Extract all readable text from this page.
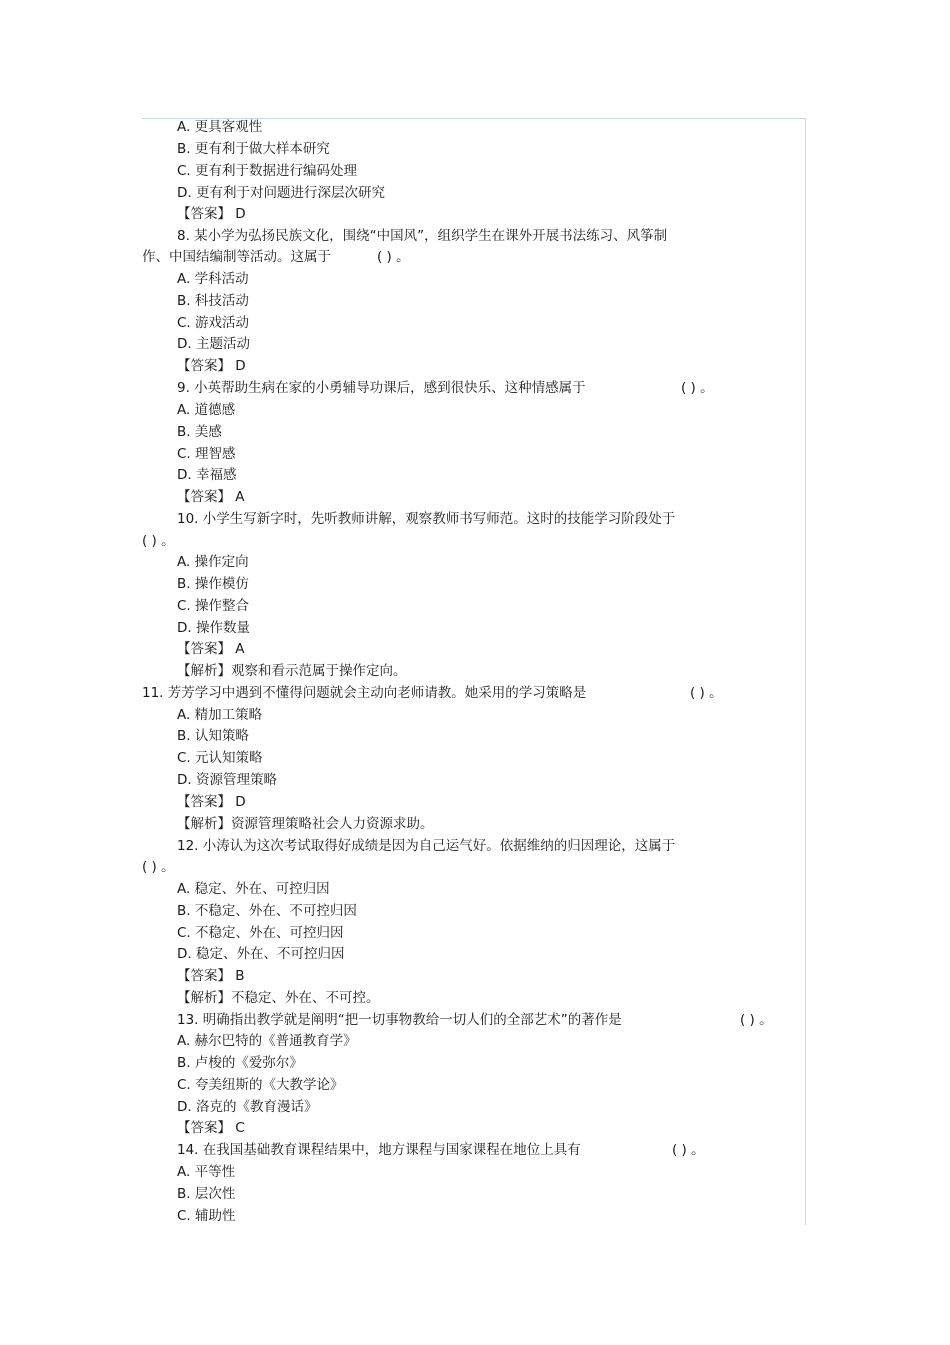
A. 更具客观性
B. 更有利于做大样本研究
C. 更有利于数据进行编码处理
D. 更有利于对问题进行深层次研究
【答案】 D
8. 某小学为弘扬民族文化，围绕“中国风”，组织学生在课外开展书法练习、风筝制
作、中国结编制等活动。这属于
A. 学科活动
B. 科技活动
C. 游戏活动
D. 主题活动
【答案】 D
9. 小英帮助生病在家的小勇辅导功课后，感到很快乐、这种情感属于
A. 道德感
B. 美感
C. 理智感
D. 幸福感
【答案】 A
10. 小学生写新字时，先听教师讲解，观察教师书写师范。这时的技能学习阶段处于
( ) 。
A. 操作定向
B. 操作模仿
C. 操作整合
D. 操作数量
【答案】 A
【解析】观察和看示范属于操作定向。
11. 芳芳学习中遇到不懂得问题就会主动向老师请教。她采用的学习策略是
A. 精加工策略
B. 认知策略
C. 元认知策略
D. 资源管理策略
【答案】 D
【解析】资源管理策略社会人力资源求助。
12. 小涛认为这次考试取得好成绩是因为自己运气好。依据维纳的归因理论，这属于
( ) 。
A. 稳定、外在、可控归因
B. 不稳定、外在、不可控归因
C. 不稳定、外在、可控归因
D. 稳定、外在、不可控归因
【答案】 B
【解析】不稳定、外在、不可控。
13. 明确指出教学就是阐明“把一切事物教给一切人们的全部艺术”的著作是
A. 赫尔巴特的《普通教育学》
B. 卢梭的《爱弥尔》
C. 夸美纽斯的《大教学论》
D. 洛克的《教育漫话》
【答案】 C
14. 在我国基础教育课程结果中，地方课程与国家课程在地位上具有
A. 平等性
B. 层次性
C. 辅助性
( ) 。
( ) 。
( ) 。
( ) 。
( ) 。
